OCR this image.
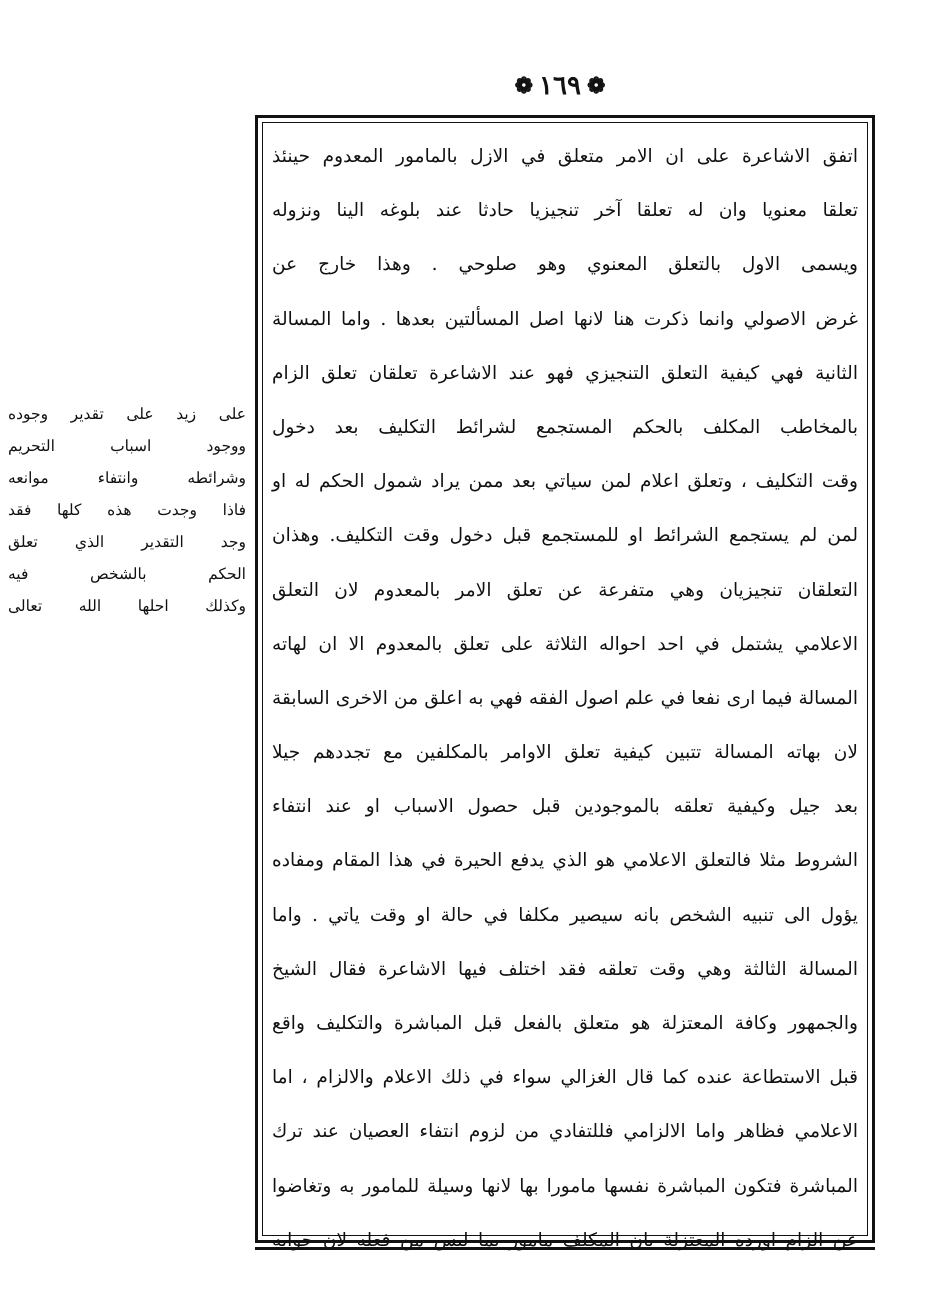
❁ ١٦٩ ❁
اتفق الاشاعرة على ان الامر متعلق في الازل بالمامور المعدوم حينئذ
تعلقا معنويا وان له تعلقا آخر تنجيزيا حادثا عند بلوغه الينا ونزوله
ويسمى الاول بالتعلق المعنوي وهو صلوحي . وهذا خارج عن
غرض الاصولي وانما ذكرت هنا لانها اصل المسألتين بعدها . واما المسالة
الثانية فهي كيفية التعلق التنجيزي فهو عند الاشاعرة تعلقان تعلق الزام
بالمخاطب المكلف بالحكم المستجمع لشرائط التكليف بعد دخول
وقت التكليف ، وتعلق اعلام لمن سياتي بعد ممن يراد شمول الحكم له او
لمن لم يستجمع الشرائط او للمستجمع قبل دخول وقت التكليف. وهذان
التعلقان تنجيزيان وهي متفرعة عن تعلق الامر بالمعدوم لان التعلق
الاعلامي يشتمل في احد احواله الثلاثة على تعلق بالمعدوم الا ان لهاته
المسالة فيما ارى نفعا في علم اصول الفقه فهي به اعلق من الاخرى السابقة
لان بهاته المسالة تتبين كيفية تعلق الاوامر بالمكلفين مع تجددهم جيلا
بعد جيل وكيفية تعلقه بالموجودين قبل حصول الاسباب او عند انتفاء
الشروط مثلا فالتعلق الاعلامي هو الذي يدفع الحيرة في هذا المقام ومفاده
يؤول الى تنبيه الشخص بانه سيصير مكلفا في حالة او وقت ياتي . واما
المسالة الثالثة وهي وقت تعلقه فقد اختلف فيها الاشاعرة فقال الشيخ
والجمهور وكافة المعتزلة هو متعلق بالفعل قبل المباشرة والتكليف واقع
قبل الاستطاعة عنده كما قال الغزالي سواء في ذلك الاعلام والالزام ، اما
الاعلامي فظاهر واما الالزامي فللتفادي من لزوم انتفاء العصيان عند ترك
المباشرة فتكون المباشرة نفسها مامورا بها لانها وسيلة للمامور به وتغاضوا
عن الزام اورده المعتزلة بان المكلف مامور بما ليس من فعله لان جوابه
على زيد على تقدير وجوده
ووجود اسباب التحريم
وشرائطه وانتفاء موانعه
فاذا وجدت هذه كلها فقد
وجد التقدير الذي تعلق
الحكم بالشخص فيه
وكذلك احلها الله تعالى
